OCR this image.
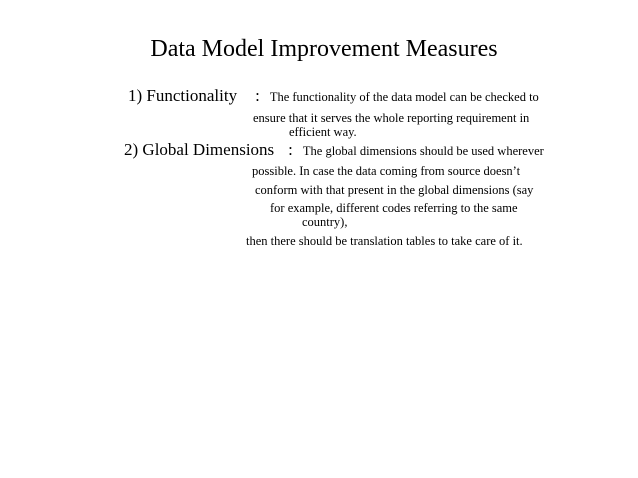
Data Model Improvement Measures
1) Functionality : The functionality of the data model can be checked to
ensure that it serves the whole reporting requirement in
efficient way.
2) Global Dimensions : The global dimensions should be used wherever
possible. In case the data coming from source doesn’t
conform with that present in the global dimensions (say
for example, different codes referring to the same
country),
then there should be translation tables to take care of it.
